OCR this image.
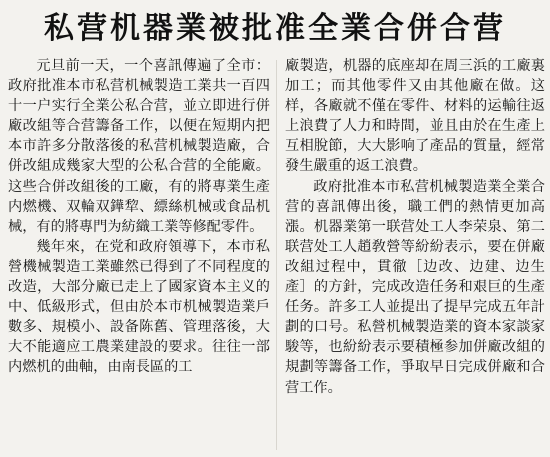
私营机器業被批准全業合併合营

元旦前一天，一个喜訊傳遍了全市：政府批准本市私营机械製造工業共一百四十一户实行全業公私合营，並立即进行併廠改組等合营籌备工作，以便在短期内把本市許多分散落後的私营机械製造廠，合併改組成幾家大型的公私合营的全能廠。这些合併改組後的工廠，有的將專業生產内燃機、双輪双鏵犂、縹絲机械或食品机械，有的將專門为紡織工業等修配零件。

幾年來，在党和政府領導下，本市私營機械製造工業雖然已得到了不同程度的改造，大部分廠已走上了國家資本主义的中、低級形式，但由於本市机械製造業戶數多、規模小、設备陈舊、管理落後，大大不能適应工農業建設的要求。往往一部内燃机的曲軸，由南長區的工

廠製造，机器的底座却在周三浜的工廠裏加工；而其他零件又由其他廠在做。这样，各廠就不僅在零件、材料的运輸往返上浪費了人力和時間，並且由於在生產上互相脫節，大大影响了產品的質量，經常發生嚴重的返工浪費。

政府批准本市私营机械製造業全業合营的喜訊傳出後，職工們的熱情更加高漲。机器業第一联营处工人李荣泉、第二联营处工人趙敎營等紛紛表示，要在併廠改組过程中，貫徹［边改、边建、边生產］的方針，完成改造任务和艰巨的生產任务。許多工人並提出了提早完成五年計劃的口号。私營机械製造業的資本家談家駿等，也紛紛表示要積極参加併廠改組的規劃等籌备工作，爭取早日完成併廠和合营工作。
